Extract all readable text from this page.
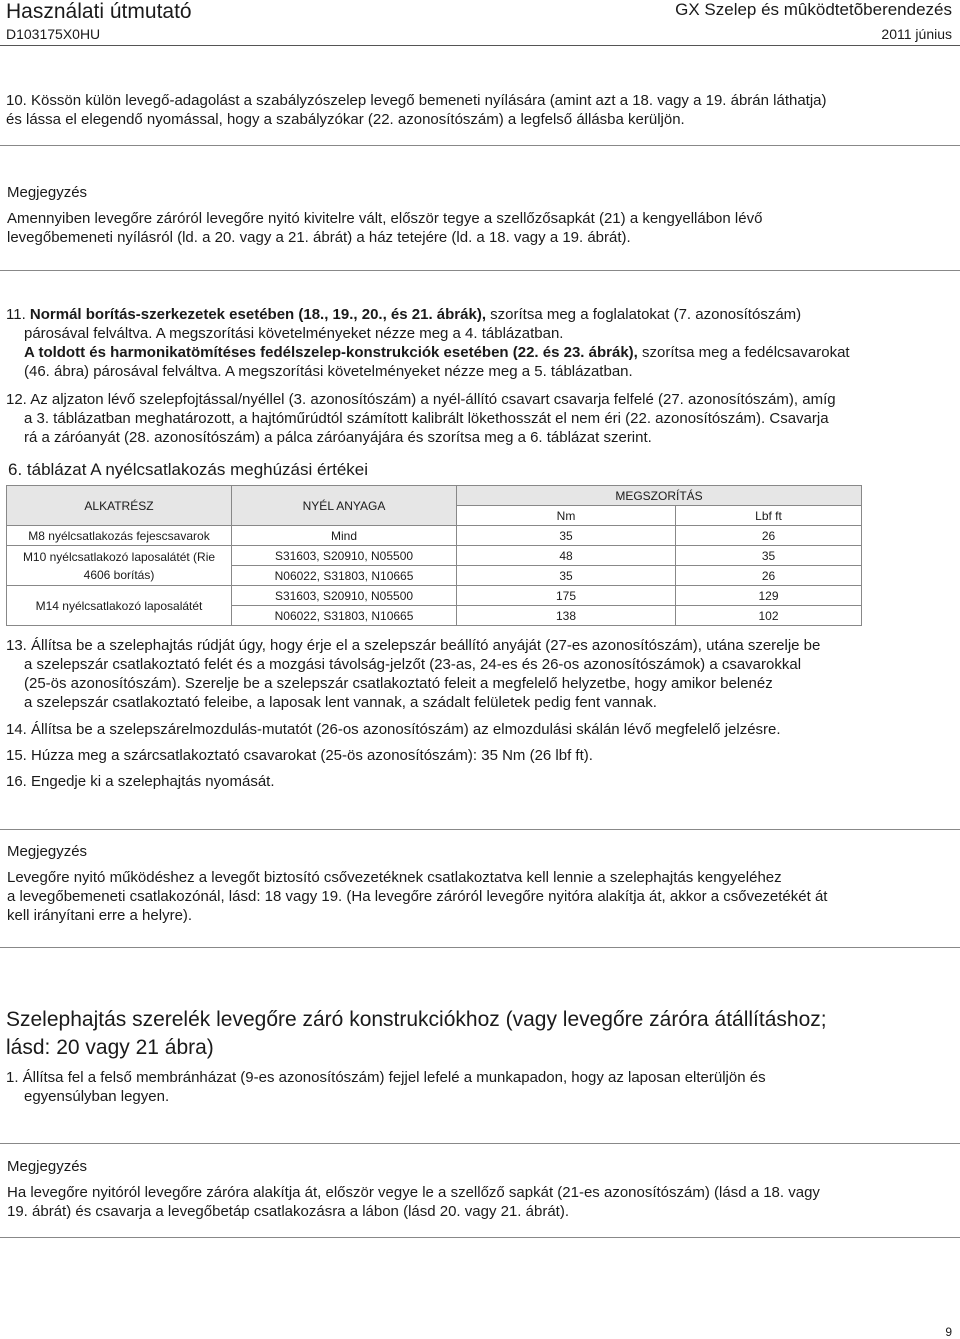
Használati útmutató
D103175X0HU
GX Szelep és mûködtetõberendezés
2011 június
10. Kössön külön levegő-adagolást a szabályzószelep levegő bemeneti nyílására (amint azt a 18. vagy a 19. ábrán láthatja)
és lássa el elegendő nyomással, hogy a szabályzókar (22. azonosítószám) a legfelső állásba kerüljön.
Megjegyzés
Amennyiben levegőre záróról levegőre nyitó kivitelre vált, először tegye a szellőzősapkát (21) a kengyellábon lévő
levegőbemeneti nyílásról (ld. a 20. vagy a 21. ábrát) a ház tetejére (ld. a 18. vagy a 19. ábrát).
11. Normál borítás-szerkezetek esetében (18., 19., 20., és 21. ábrák), szorítsa meg a foglalatokat (7. azonosítószám)
párosával felváltva. A megszorítási követelményeket nézze meg a 4. táblázatban.
A toldott és harmonikatömítéses fedélszelep-konstrukciók esetében (22. és 23. ábrák), szorítsa meg a fedélcsavarokat
(46. ábra) párosával felváltva. A megszorítási követelményeket nézze meg a 5. táblázatban.
12. Az aljzaton lévő szelepfojtással/nyéllel (3. azonosítószám) a nyél-állító csavart csavarja felfelé (27. azonosítószám), amíg
a 3. táblázatban meghatározott, a hajtóműrúdtól számított kalibrált lökethosszát el nem éri (22. azonosítószám). Csavarja
rá a záróanyát (28. azonosítószám) a pálca záróanyájára és szorítsa meg a 6. táblázat szerint.
6. táblázat A nyélcsatlakozás meghúzási értékei
ALKATRÉSZ	NYÉL ANYAGA	MEGSZORÍTÁS	
		Nm	Lbf ft
M8 nyélcsatlakozás fejescsavarok	Mind	35	26
M10 nyélcsatlakozó laposalátét (Rie 4606 borítás)	S31603, S20910, N05500	48	35
	N06022, S31803, N10665	35	26
M14 nyélcsatlakozó laposalátét	S31603, S20910, N05500	175	129
	N06022, S31803, N10665	138	102
13. Állítsa be a szelephajtás rúdját úgy, hogy érje el a szelepszár beállító anyáját (27-es azonosítószám), utána szerelje be
a szelepszár csatlakoztató felét és a mozgási távolság-jelzőt (23-as, 24-es és 26-os azonosítószámok) a csavarokkal
(25-ös azonosítószám). Szerelje be a szelepszár csatlakoztató feleit a megfelelő helyzetbe, hogy amikor belenéz
a szelepszár csatlakoztató feleibe, a laposak lent vannak, a szádalt felületek pedig fent vannak.
14. Állítsa be a szelepszárelmozdulás-mutatót (26-os azonosítószám) az elmozdulási skálán lévő megfelelő jelzésre.
15. Húzza meg a szárcsatlakoztató csavarokat (25-ös azonosítószám): 35 Nm (26 lbf ft).
16. Engedje ki a szelephajtás nyomását.
Megjegyzés
Levegőre nyitó működéshez a levegőt biztosító csővezetéknek csatlakoztatva kell lennie a szelephajtás kengyeléhez
a levegőbemeneti csatlakozónál, lásd: 18 vagy 19. (Ha levegőre záróról levegőre nyitóra alakítja át, akkor a csővezetékét át
kell irányítani erre a helyre).
Szelephajtás szerelék levegőre záró konstrukciókhoz (vagy levegőre záróra átállításhoz;
lásd: 20 vagy 21 ábra)
1. Állítsa fel a felső membránházat (9-es azonosítószám) fejjel lefelé a munkapadon, hogy az laposan elterüljön és
egyensúlyban legyen.
Megjegyzés
Ha levegőre nyitóról levegőre záróra alakítja át, először vegye le a szellőző sapkát (21-es azonosítószám) (lásd a 18. vagy
19. ábrát) és csavarja a levegőbetáp csatlakozásra a lábon (lásd 20. vagy 21. ábrát).
9
